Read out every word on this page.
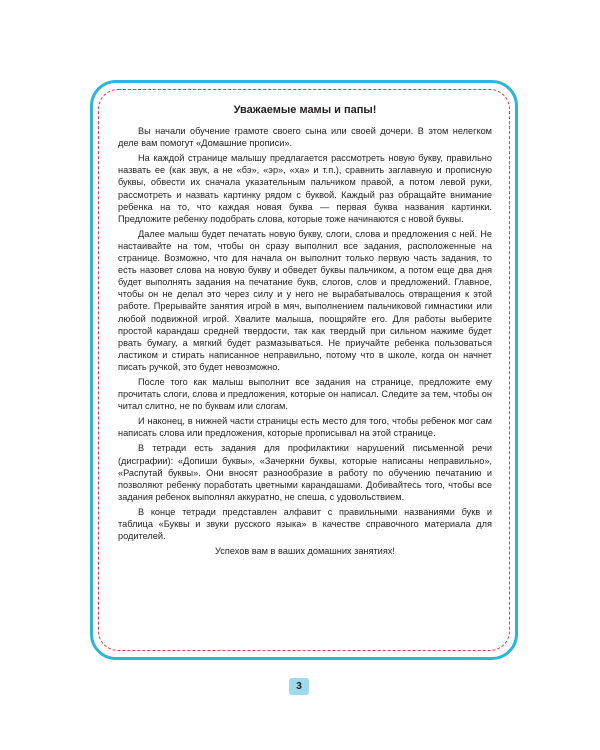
Уважаемые мамы и папы!

Вы начали обучение грамоте своего сына или своей дочери. В этом нелегком деле вам помогут «Домашние прописи».

На каждой странице малышу предлагается рассмотреть новую букву, правильно назвать ее (как звук, а не «бэ», «эр», «ха» и т.п.), сравнить заглавную и прописную буквы, обвести их сначала указательным пальчиком правой, а потом левой руки, рассмотреть и назвать картинку рядом с буквой. Каждый раз обращайте внимание ребенка на то, что каждая новая буква — первая буква названия картинки. Предложите ребенку подобрать слова, которые тоже начинаются с новой буквы.

Далее малыш будет печатать новую букву, слоги, слова и предложения с ней. Не настаивайте на том, чтобы он сразу выполнил все задания, расположенные на странице. Возможно, что для начала он выполнит только первую часть задания, то есть назовет слова на новую букву и обведет буквы пальчиком, а потом еще два дня будет выполнять задания на печатание букв, слогов, слов и предложений. Главное, чтобы он не делал это через силу и у него не вырабатывалось отвращения к этой работе. Прерывайте занятия игрой в мяч, выполнением пальчиковой гимнастики или любой подвижной игрой. Хвалите малыша, поощряйте его. Для работы выберите простой карандаш средней твердости, так как твердый при сильном нажиме будет рвать бумагу, а мягкий будет размазываться. Не приучайте ребенка пользоваться ластиком и стирать написанное неправильно, потому что в школе, когда он начнет писать ручкой, это будет невозможно.

После того как малыш выполнит все задания на странице, предложите ему прочитать слоги, слова и предложения, которые он написал. Следите за тем, чтобы он читал слитно, не по буквам или слогам.

И наконец, в нижней части страницы есть место для того, чтобы ребенок мог сам написать слова или предложения, которые прописывал на этой странице.

В тетради есть задания для профилактики нарушений письменной речи (дисграфии): «Допиши буквы», «Зачеркни буквы, которые написаны неправильно», «Распутай буквы». Они вносят разнообразие в работу по обучению печатанию и позволяют ребенку поработать цветными карандашами. Добивайтесь того, чтобы все задания ребенок выполнял аккуратно, не спеша, с удовольствием.

В конце тетради представлен алфавит с правильными названиями букв и таблица «Буквы и звуки русского языка» в качестве справочного материала для родителей.

Успехов вам в ваших домашних занятиях!

3
